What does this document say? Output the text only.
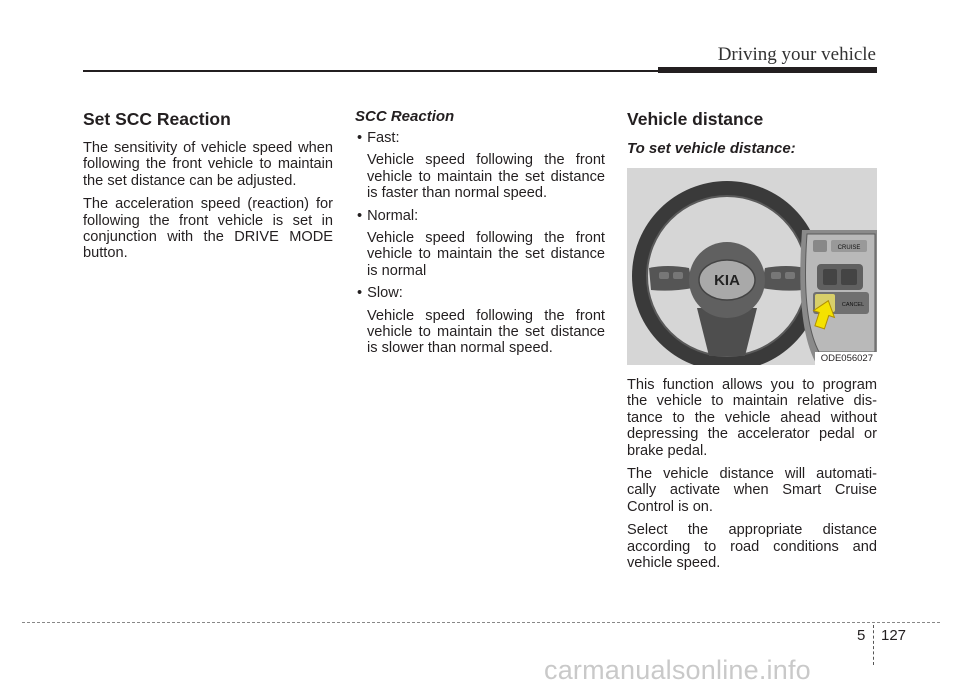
Driving your vehicle
Set SCC Reaction

The sensitivity of vehicle speed when following the front vehicle to maintain the set distance can be adjusted.

The acceleration speed (reaction) for following the front vehicle is set in conjunction with the DRIVE MODE button.

SCC Reaction
• Fast:
Vehicle speed following the front vehicle to maintain the set distance is faster than normal speed.
• Normal:
Vehicle speed following the front vehicle to maintain the set distance is normal
• Slow:
Vehicle speed following the front vehicle to maintain the set distance is slower than normal speed.
Vehicle distance
To set vehicle distance:
KIA
CRUISE
CANCEL
ODE056027

This function allows you to program the vehicle to maintain relative dis-tance to the vehicle ahead without depressing the accelerator pedal or brake pedal.

The vehicle distance will automati-cally activate when Smart Cruise Control is on.

Select the appropriate distance according to road conditions and vehicle speed.

5 127
carmanualsonline.info
